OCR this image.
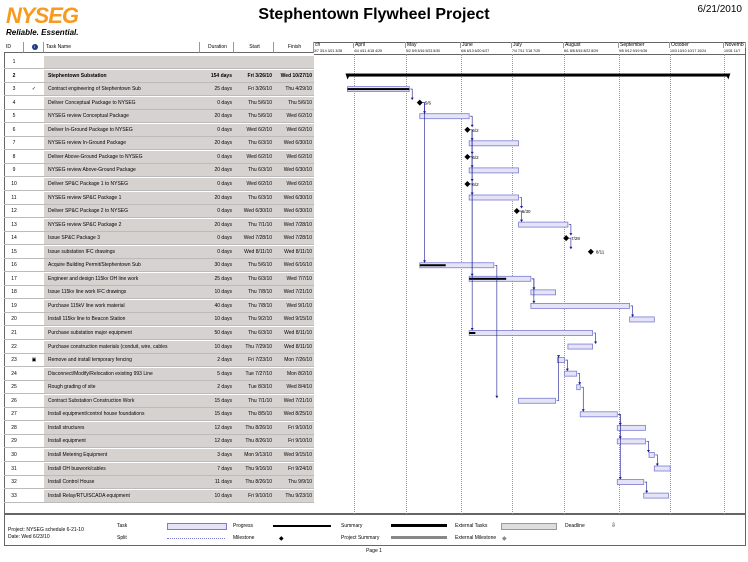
NYSEG
Reliable. Essential.
Stephentown Flywheel Project	6/21/2010
ID	i	Task Name	Duration	Start	Finish
1
2	Stephentown Substation	154 days	Fri 3/26/10	Wed 10/27/10
3	✓	Contract engineering of Stephentown Sub	25 days	Fri 3/26/10	Thu 4/29/10
4	Deliver Conceptual Package to NYSEG	0 days	Thu 5/6/10	Thu 5/6/10
5	NYSEG review Conceptual Package	20 days	Thu 5/6/10	Wed 6/2/10
6	Deliver In-Ground Package to NYSEG	0 days	Wed 6/2/10	Wed 6/2/10
7	NYSEG review In-Ground Package	20 days	Thu 6/3/10	Wed 6/30/10
8	Deliver Above-Ground Package to NYSEG	0 days	Wed 6/2/10	Wed 6/2/10
9	NYSEG review Above-Ground Package	20 days	Thu 6/3/10	Wed 6/30/10
10	Deliver SP&C Package 1 to NYSEG	0 days	Wed 6/2/10	Wed 6/2/10
11	NYSEG review SP&C Package 1	20 days	Thu 6/3/10	Wed 6/30/10
12	Deliver SP&C Package 2 to NYSEG	0 days	Wed 6/30/10	Wed 6/30/10
13	NYSEG review SP&C Package 2	20 days	Thu 7/1/10	Wed 7/28/10
14	Issue SP&C Package 3	0 days	Wed 7/28/10	Wed 7/28/10
15	Issue substation IFC drawings	0 days	Wed 8/11/10	Wed 8/11/10
16	Acquire Building Permit/Stephentown Sub	30 days	Thu 5/6/10	Wed 6/16/10
17	Engineer and design 115kv OH line work	25 days	Thu 6/3/10	Wed 7/7/10
18	Issue 115kv line work IFC drawings	10 days	Thu 7/8/10	Wed 7/21/10
19	Purchase 115kV line work material	40 days	Thu 7/8/10	Wed 9/1/10
20	Install 115kv line to Beacon Station	10 days	Thu 9/2/10	Wed 9/15/10
21	Purchase substation major equipment	50 days	Thu 6/3/10	Wed 8/11/10
22	Purchase construction materials (conduit, wire, cables	10 days	Thu 7/29/10	Wed 8/11/10
23	▣	Remove and install temporary fencing	2 days	Fri 7/23/10	Mon 7/26/10
24	Disconnect/Modify/Relocation existing 993 Line	5 days	Tue 7/27/10	Mon 8/2/10
25	Rough grading of site	2 days	Tue 8/3/10	Wed 8/4/10
26	Contract Substation Construction Work	15 days	Thu 7/1/10	Wed 7/21/10
27	Install equipment/control house foundations	15 days	Thu 8/5/10	Wed 8/25/10
28	Install structures	12 days	Thu 8/26/10	Fri 9/10/10
29	Install equipment	12 days	Thu 8/26/10	Fri 9/10/10
30	Install Metering Equipment	3 days	Mon 9/13/10	Wed 9/15/10
31	Install OH buswork/cables	7 days	Thu 9/16/10	Fri 9/24/10
32	Install Control House	11 days	Thu 8/26/10	Thu 9/9/10
33	Install Relay/RTU/SCADA equipment	10 days	Fri 9/10/10	Thu 9/23/10
ch
3/7 3/14 3/21 3/28
April
4/4 4/11 4/18 4/25
May
5/2 5/9 5/16 5/23 5/30
June
6/6 6/13 6/20 6/27
July
7/4 7/11 7/18 7/25
August
8/1 8/8 8/15 8/22 8/29
September
9/5 9/12 9/19 9/26
October
10/3 10/10 10/17 10/24
Novemb
10/31 11/7
5/6
6/2
6/2
6/2
6/30
7/28
8/11
Project: NYSEG schedule 6-21-10
Date: Wed 6/23/10
Task
Split
Progress
Milestone	◆
Summary
Project Summary
External Tasks
External Milestone ◆
Deadline	⇩
Page 1
